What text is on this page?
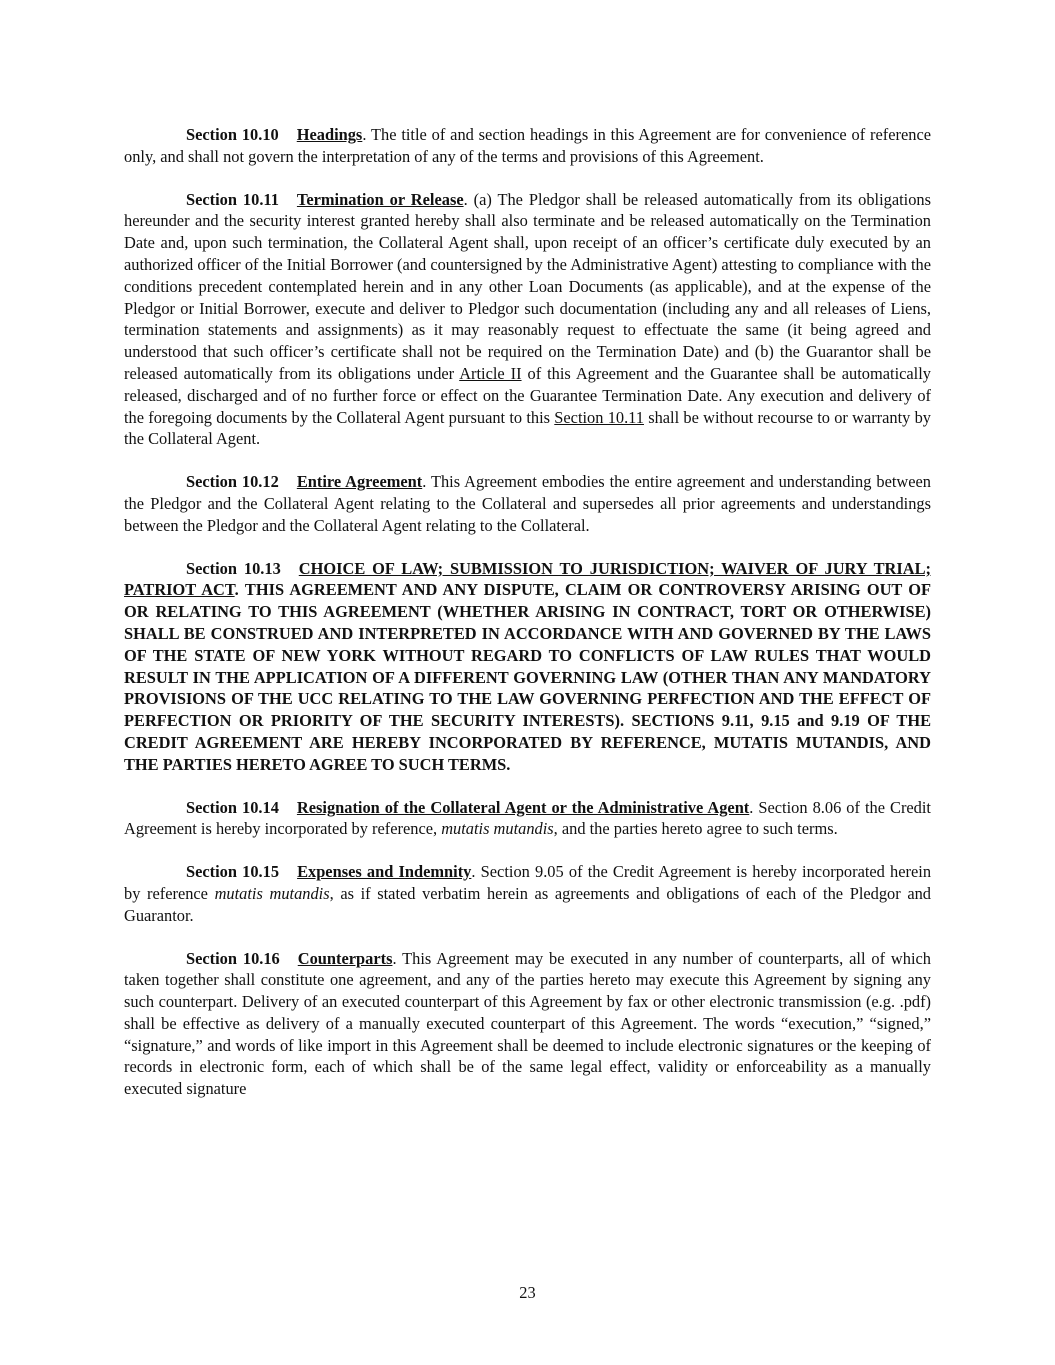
Section 10.10 Headings. The title of and section headings in this Agreement are for convenience of reference only, and shall not govern the interpretation of any of the terms and provisions of this Agreement.

Section 10.11 Termination or Release. (a) The Pledgor shall be released automatically from its obligations hereunder and the security interest granted hereby shall also terminate and be released automatically on the Termination Date and, upon such termination, the Collateral Agent shall, upon receipt of an officer’s certificate duly executed by an authorized officer of the Initial Borrower (and countersigned by the Administrative Agent) attesting to compliance with the conditions precedent contemplated herein and in any other Loan Documents (as applicable), and at the expense of the Pledgor or Initial Borrower, execute and deliver to Pledgor such documentation (including any and all releases of Liens, termination statements and assignments) as it may reasonably request to effectuate the same (it being agreed and understood that such officer’s certificate shall not be required on the Termination Date) and (b) the Guarantor shall be released automatically from its obligations under Article II of this Agreement and the Guarantee shall be automatically released, discharged and of no further force or effect on the Guarantee Termination Date. Any execution and delivery of the foregoing documents by the Collateral Agent pursuant to this Section 10.11 shall be without recourse to or warranty by the Collateral Agent.

Section 10.12 Entire Agreement. This Agreement embodies the entire agreement and understanding between the Pledgor and the Collateral Agent relating to the Collateral and supersedes all prior agreements and understandings between the Pledgor and the Collateral Agent relating to the Collateral.

Section 10.13 CHOICE OF LAW; SUBMISSION TO JURISDICTION; WAIVER OF JURY TRIAL; PATRIOT ACT. THIS AGREEMENT AND ANY DISPUTE, CLAIM OR CONTROVERSY ARISING OUT OF OR RELATING TO THIS AGREEMENT (WHETHER ARISING IN CONTRACT, TORT OR OTHERWISE) SHALL BE CONSTRUED AND INTERPRETED IN ACCORDANCE WITH AND GOVERNED BY THE LAWS OF THE STATE OF NEW YORK WITHOUT REGARD TO CONFLICTS OF LAW RULES THAT WOULD RESULT IN THE APPLICATION OF A DIFFERENT GOVERNING LAW (OTHER THAN ANY MANDATORY PROVISIONS OF THE UCC RELATING TO THE LAW GOVERNING PERFECTION AND THE EFFECT OF PERFECTION OR PRIORITY OF THE SECURITY INTERESTS). SECTIONS 9.11, 9.15 and 9.19 OF THE CREDIT AGREEMENT ARE HEREBY INCORPORATED BY REFERENCE, MUTATIS MUTANDIS, AND THE PARTIES HERETO AGREE TO SUCH TERMS.

Section 10.14 Resignation of the Collateral Agent or the Administrative Agent. Section 8.06 of the Credit Agreement is hereby incorporated by reference, mutatis mutandis, and the parties hereto agree to such terms.

Section 10.15 Expenses and Indemnity. Section 9.05 of the Credit Agreement is hereby incorporated herein by reference mutatis mutandis, as if stated verbatim herein as agreements and obligations of each of the Pledgor and Guarantor.

Section 10.16 Counterparts. This Agreement may be executed in any number of counterparts, all of which taken together shall constitute one agreement, and any of the parties hereto may execute this Agreement by signing any such counterpart. Delivery of an executed counterpart of this Agreement by fax or other electronic transmission (e.g. .pdf) shall be effective as delivery of a manually executed counterpart of this Agreement. The words “execution,” “signed,” “signature,” and words of like import in this Agreement shall be deemed to include electronic signatures or the keeping of records in electronic form, each of which shall be of the same legal effect, validity or enforceability as a manually executed signature

23
